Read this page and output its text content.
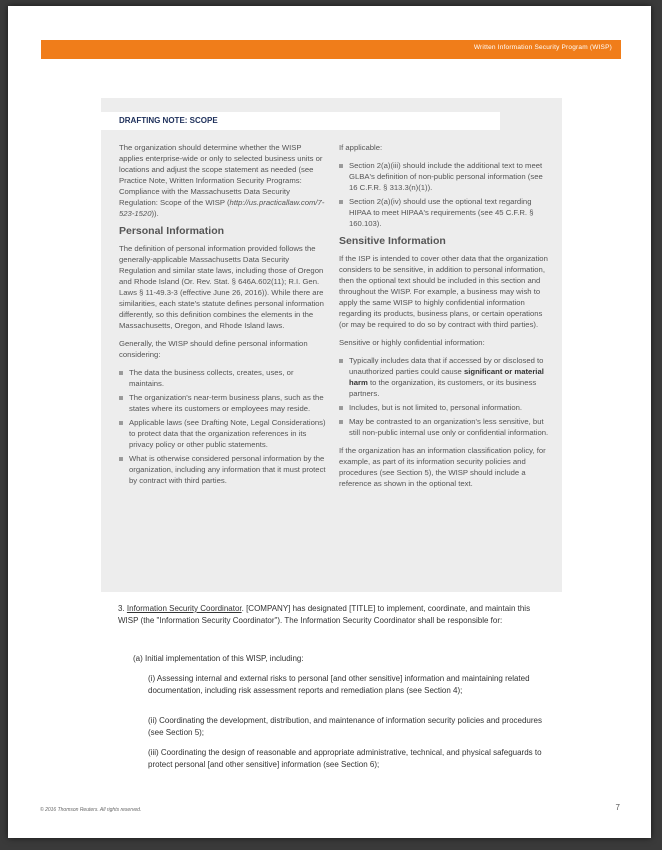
Written Information Security Program (WISP)
DRAFTING NOTE: SCOPE

The organization should determine whether the WISP applies enterprise-wide or only to selected business units or locations and adjust the scope statement as needed (see Practice Note, Written Information Security Programs: Compliance with the Massachusetts Data Security Regulation: Scope of the WISP (http://us.practicallaw.com/7-523-1520)).

Personal Information

The definition of personal information provided follows the generally-applicable Massachusetts Data Security Regulation and similar state laws, including those of Oregon and Rhode Island (Or. Rev. Stat. § 646A.602(11); R.I. Gen. Laws § 11-49.3-3 (effective June 26, 2016)). While there are similarities, each state's statute defines personal information differently, so this definition combines the elements in the Massachusetts, Oregon, and Rhode Island laws.

Generally, the WISP should define personal information considering:

The data the business collects, creates, uses, or maintains.
The organization's near-term business plans, such as the states where its customers or employees may reside.
Applicable laws (see Drafting Note, Legal Considerations) to protect data that the organization references in its privacy policy or other public statements.
What is otherwise considered personal information by the organization, including any information that it must protect by contract with third parties.

If applicable:

Section 2(a)(iii) should include the additional text to meet GLBA's definition of non-public personal information (see 16 C.F.R. § 313.3(n)(1)).
Section 2(a)(iv) should use the optional text regarding HIPAA to meet HIPAA's requirements (see 45 C.F.R. § 160.103).
Sensitive Information

If the ISP is intended to cover other data that the organization considers to be sensitive, in addition to personal information, then the optional text should be included in this section and throughout the WISP. For example, a business may wish to apply the same WISP to highly confidential information regarding its products, business plans, or certain operations (or may be required to do so by contract with third parties).

Sensitive or highly confidential information:

Typically includes data that if accessed by or disclosed to unauthorized parties could cause significant or material harm to the organization, its customers, or its business partners.
Includes, but is not limited to, personal information.
May be contrasted to an organization's less sensitive, but still non-public internal use only or confidential information.

If the organization has an information classification policy, for example, as part of its information security policies and procedures (see Section 5), the WISP should include a reference as shown in the optional text.

3. Information Security Coordinator. [COMPANY] has designated [TITLE] to implement, coordinate, and maintain this WISP (the "Information Security Coordinator"). The Information Security Coordinator shall be responsible for:

(a) Initial implementation of this WISP, including:

(i) Assessing internal and external risks to personal [and other sensitive] information and maintaining related documentation, including risk assessment reports and remediation plans (see Section 4);

(ii) Coordinating the development, distribution, and maintenance of information security policies and procedures (see Section 5);

(iii) Coordinating the design of reasonable and appropriate administrative, technical, and physical safeguards to protect personal [and other sensitive] information (see Section 6);

© 2016 Thomson Reuters. All rights reserved.	7
